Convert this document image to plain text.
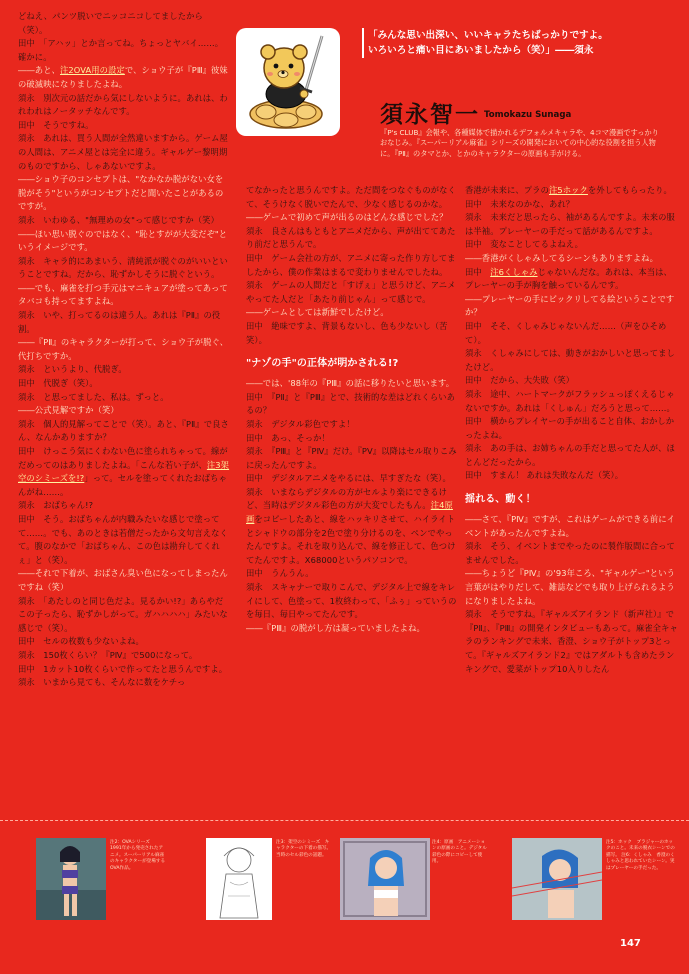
どねえ、パンツ脱いでニッコニコしてましたから（笑）。

田中　「アハッ」とか言ってね。ちょっとヤバイ……。確かに。

――あと、注2OVA用の設定で、ショウ子が『PⅢ』彼妹の破滅映になりましたよね。

須永　別次元の話だから気にしないように。あれは、われわれはノータッチなんです。

田中　そうですね。

須永　あれは、買う人間が全然違いますから。ゲーム屋の人間は、アニメ屋とは完全に違う。ギャルゲー黎明期のものですから、しゃあないですよ。

――ショウ子のコンセプトは、"なかなか脱がない女を脱がそう"というがコンセプトだと聞いたことがあるのですが。

須永　いわゆる、"無理めの女"って感じですか（笑）

――ほい思い脱ぐのではなく、"恥とすがが大変だぞ"というイメージです。

須永　キャラ的にあまいう、清純派が脱ぐのがいいということですね。だから、恥ずかしそうに脱ぐという。

――でも、麻雀を打つ手元はマニキュアが塗ってあってタバコも持ってますよね。

須永　いや、打ってるのは違う人。あれは『PⅡ』の役割。

――『PⅡ』のキャラクターが打って、ショウ子が脱ぐ、代打ちですか。

須永　というより、代脱ぎ。

田中　代脱ぎ（笑）。

須永　と思ってました、私は。ずっと。

――公式見解ですか（笑）

須永　個人的見解ってことで（笑）。あと、『PⅡ』で良さん、なんかありますか？

田中　けっこう気にくわない色に塗られちゃって。線がだめってのはありましたよね。「こんな若い子が、注3架空のシミーズを!?」って。セルを塗ってくれたおばちゃんがね……。

須永　おばちゃん!?

田中　そう。おばちゃんが内職みたいな感じで塗ってて……。でも、あのときは若僧だったから文句言えなくて。腹のなかで「おばちゃん、この色は勘弁してくれぇ」と（笑）。

――それで下着が、おばさん臭い色になってしまったんですね（笑）

須永　「あたしのと同じ色だよ。見るかい!?」あらやだこの子ったら、恥ずかしがって。ガハハハハ」みたいな感じで（笑）。

田中　セルの枚数も少ないよね。

須永　150枚くらい？『PⅣ』で500になって。

田中　1カット10枚くらいで作ってたと思うんですよ。

須永　いまから見ても、そんなに数をケチっ

てなかったと思うんですよ。ただ間をつなぐものがなくて、そうけなく脱いでたんで、少なく感じるのかな。

――ゲームで初めて声が出るのはどんな感じでした？

須永　良さんはもともとアニメだから、声が出ててあたり前だと思うんで。

田中　ゲーム会社の方が、アニメに寄った作り方してましたから、僕の作業はまるで変わりませんでしたね。

須永　ゲームの人間だと「すげぇ」と思うけど、アニメやってた人だと「あたり前じゃん」って感じで。

――ゲームとしては新鮮でしたけど。

田中　絶味ですよ、背景もないし、色も少ないし（苦笑）。

"ナゾの手"の正体が明かされる!?

――では、'88年の『PⅢ』の話に移りたいと思います。

田中　『PⅡ』と『PⅢ』とで、技術的な差はどれくらいあるの？

須永　デジタル彩色ですよ！

田中　あっ、そっか！

須永　『PⅢ』と『PⅣ』だけ。『PV』以降はセル取りこみに戻ったんですよ。

田中　デジタルアニメをやるには、早すぎたな（笑）。

須永　いまならデジタルの方がセルより楽にできるけど、当時はデジタル彩色の方が大変でしたもん。注4原画をコピーしたあと、線をハッキリさせて、ハイライトとシャドウの部分を2色で塗り分けるのを、ペンでやったんですよ。それを取り込んで、線を修正して、色つけてたんですよ。X68000というパソコンで。

田中　うんうん。

須永　スキャナーで取りこんで、デジタル上で線をキレイにして、色塗って、1枚終わって、「ふぅ」っていうのを毎日、毎日やってたんです。

――『PⅢ』の脱がし方は凝っていましたよね。

香港が未来に、プラの注5ホックを外してもらったり。

田中　未来なのかな、あれ？

須永　未来だと思ったら、袖があるんですよ。未来の服は半袖。プレーヤーの手だって話があるんですよ。

田中　変なことしてるよねえ。

――香港がくしゃみしてるシーンもありますよね。

田中　注6くしゃみじゃないんだな。あれは、本当は、プレーヤーの手が胸を触っているんです。

――プレーヤーの手にビックリしてる絵ということですか？

田中　そそ、くしゃみじゃないんだ……（声をひそめて）。

須永　くしゃみにしては、動きがおかしいと思ってましたけど。

田中　だから、大失敗（笑）

須永　途中、ハートマークがフラッシュっぽくえるじゃないですか。あれは「くしゅん」だろうと思って……。

田中　横からプレイヤーの手が出ること自体、おかしかったよね。

須永　あの手は、お姉ちゃんの手だと思ってた人が、ほとんどだったから。

田中　すまん！ あれは失敗なんだ（笑）。

揺れる、動く！

――さて、『PⅣ』ですが、これはゲームができる前にイベントがあったんですよね。

須永　そう、イベントまでやったのに製作版間に合ってませんでした。

――ちょうど『PⅣ』の'93年ころ、"ギャルゲー"という言葉がはやりだして、雑誌などでも取り上げられるようになりましたよね。

須永　そうですね。『ギャルズアイランド（新声社）』で『PⅡ』、『PⅢ』の開発インタビューもあって。麻雀全キャラのランキングで未来、香澄、ショウ子がトップ3とって。『ギャルズアイランド2』ではアダルトも含めたランキングで、愛菜がトップ10入りしたん

「みんな思い出深い、いいキャラたちばっかりですよ。
いろいろと痛い目にあいましたから（笑）」――須永
須永智一 Tomokazu Sunaga
『P's CLUB』会報や、各種媒体で描かれるデフォルメキャラや、4コマ漫画ですっかりおなじみ。『スーパーリアル麻雀』シリーズの開発においての中心的な役割を担う人物に。『PⅡ』のタマとか、とかのキャラクターの原画も手がける。
注2：OVAシリーズ　1991年から発売されたアニメ。スーパーリアル麻雀のキャラクターが登場するOVA作品。
注3：架空のシミーズ　キャラクターの下着の描写。当時のセル彩色の話題。
注4：原画　アニメーションの原画のこと。デジタル彩色の際にコピーして使用。
注5：ホック　ブラジャーのホックのこと。未来の脱衣シーンでの描写。 注6：くしゃみ　香澄のくしゃみと思われていたシーン。実はプレーヤーの手だった。
147
